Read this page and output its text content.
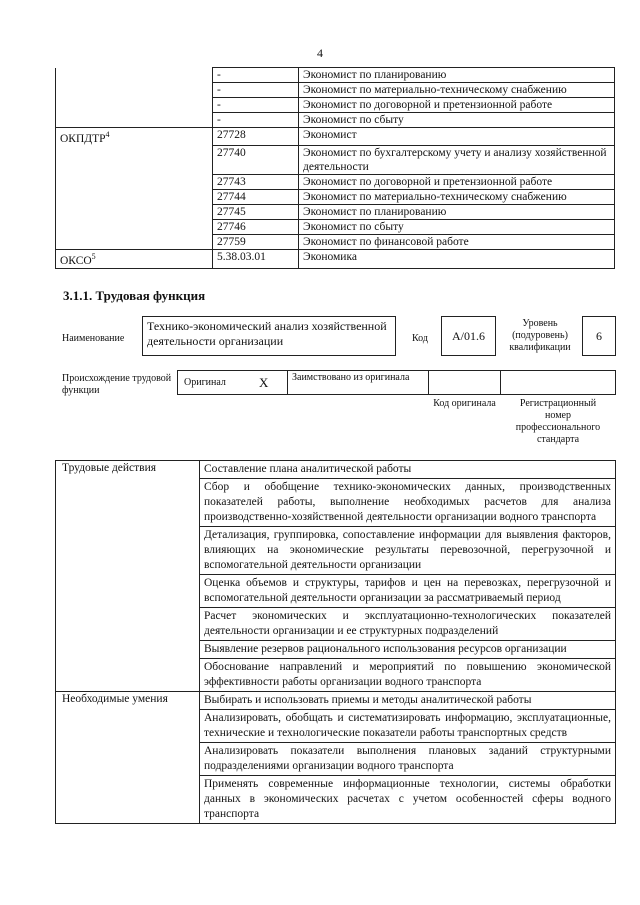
4
	-	Экономист по планированию
	-	Экономист по материально-техническому снабжению
	-	Экономист по договорной и претензионной работе
	-	Экономист по сбыту
ОКПДТР$^4$	27728	Экономист
	27740	Экономист по бухгалтерскому учету и анализу хозяйственной деятельности
	27743	Экономист по договорной и претензионной работе
	27744	Экономист по материально-техническому снабжению
	27745	Экономист по планированию
	27746	Экономист по сбыту
	27759	Экономист по финансовой работе
ОКСО$^5$	5.38.03.01	Экономика
3.1.1. Трудовая функция
Наименование
Технико-экономический анализ хозяйственной деятельности организации	Код	A/01.6
Уровень (подуровень) квалификации
6
Происхождение трудовой функции
Оригинал	X Заимствовано из оригинала
Код оригинала	Регистрационный номер профессионального стандарта
Трудовые действия	Составление плана аналитической работы
	Сбор и обобщение технико-экономических данных, производственных показателей работы, выполнение необходимых расчетов для анализа производственно-хозяйственной деятельности организации водного транспорта
	Детализация, группировка, сопоставление информации для выявления факторов, влияющих на экономические результаты перевозочной, перегрузочной и вспомогательной деятельности организации
	Оценка объемов и структуры, тарифов и цен на перевозках, перегрузочной и вспомогательной деятельности организации за рассматриваемый период
	Расчет экономических и эксплуатационно-технологических показателей деятельности организации и ее структурных подразделений
	Выявление резервов рационального использования ресурсов организации
	Обоснование направлений и мероприятий по повышению экономической эффективности работы организации водного транспорта
Необходимые умения	Выбирать и использовать приемы и методы аналитической работы
	Анализировать, обобщать и систематизировать информацию, эксплуатационные, технические и технологические показатели работы транспортных средств
	Анализировать показатели выполнения плановых заданий структурными подразделениями организации водного транспорта
	Применять современные информационные технологии, системы обработки данных в экономических расчетах с учетом особенностей сферы водного транспорта
